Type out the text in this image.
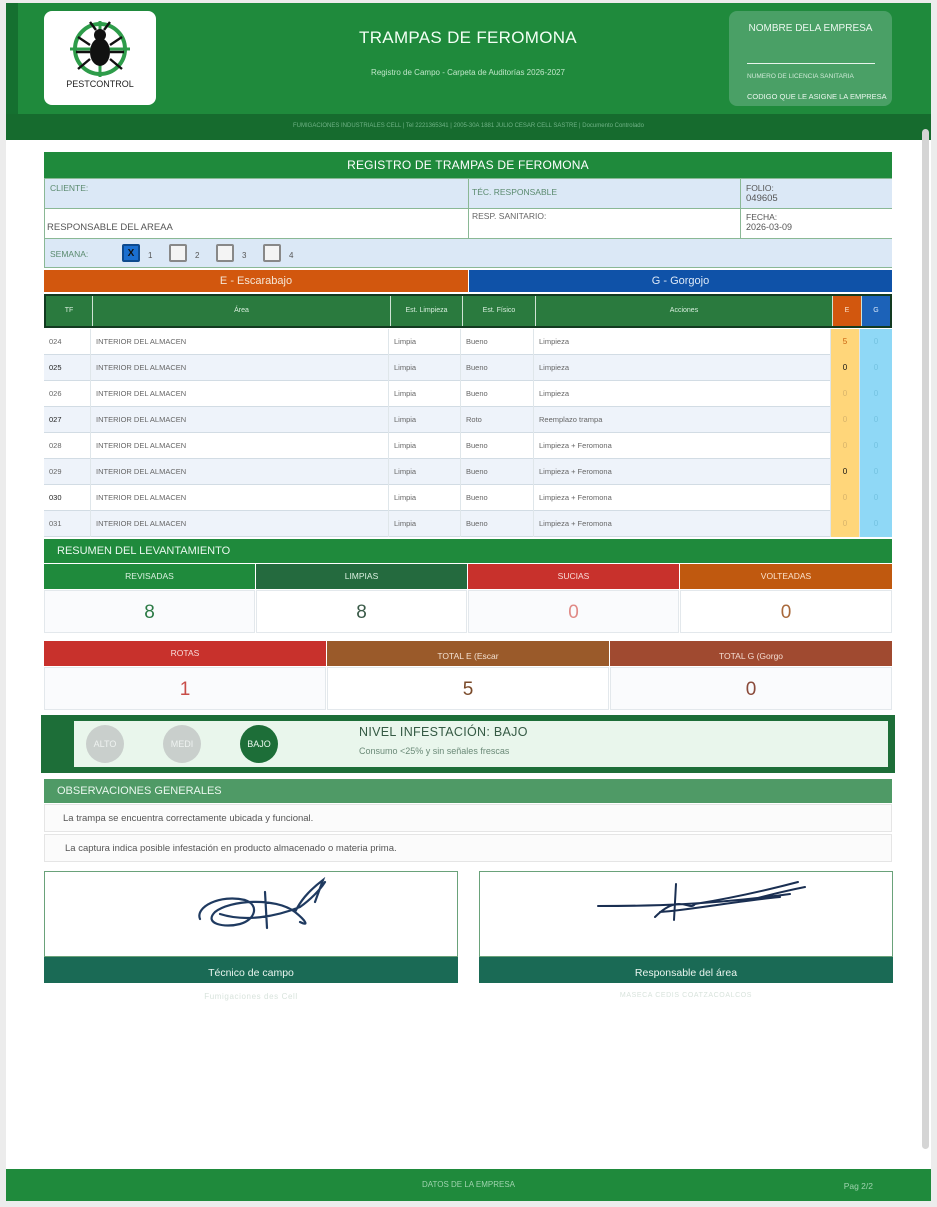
PESTCONTROL
TRAMPAS DE FEROMONA
Registro de Campo - Carpeta de Auditorías 2026-2027
NOMBRE DELA EMPRESA
NUMERO DE LICENCIA SANITARIA
CODIGO QUE LE ASIGNE LA EMPRESA
FUMIGACIONES INDUSTRIALES CELL | Tel 2221365341 | 2005-30A 1881 JULIO CESAR CELL SASTRE | Documento Controlado
REGISTRO DE TRAMPAS DE FEROMONA
CLIENTE:	TÉC. RESPONSABLE	FOLIO:
049605
RESPONSABLE DEL AREAA
RESP. SANITARIO:	FECHA:
2026-03-09
SEMANA:	X	1	2	3	4
E - Escarabajo	G - Gorgojo
TF	Área	Est. Limpieza	Est. Físico	Acciones	E	G
024	INTERIOR DEL ALMACEN	Limpia	Bueno	Limpieza	5	0
025	INTERIOR DEL ALMACEN	Limpia	Bueno	Limpieza	0	0
026	INTERIOR DEL ALMACEN	Limpia	Bueno	Limpieza	0	0
027	INTERIOR DEL ALMACEN	Limpia	Roto	Reemplazo trampa	0	0
028	INTERIOR DEL ALMACEN	Limpia	Bueno	Limpieza + Feromona	0	0
029	INTERIOR DEL ALMACEN	Limpia	Bueno	Limpieza + Feromona	0	0
030	INTERIOR DEL ALMACEN	Limpia	Bueno	Limpieza + Feromona	0	0
031	INTERIOR DEL ALMACEN	Limpia	Bueno	Limpieza + Feromona	0	0
RESUMEN DEL LEVANTAMIENTO
REVISADAS	LIMPIAS	SUCIAS	VOLTEADAS
8	8	0	0
ROTAS	TOTAL E (Escar	TOTAL G (Gorgo
1	5	0
ALTO	MEDI	BAJO
NIVEL INFESTACIÓN: BAJO
Consumo <25% y sin señales frescas
OBSERVACIONES GENERALES
La trampa se encuentra correctamente ubicada y funcional.
La captura indica posible infestación en producto almacenado o materia prima.
Técnico de campo	Responsable del área
Fumigaciones des Cell	MASECA CEDIS COATZACOALCOS
DATOS DE LA EMPRESA	Pag 2/2
